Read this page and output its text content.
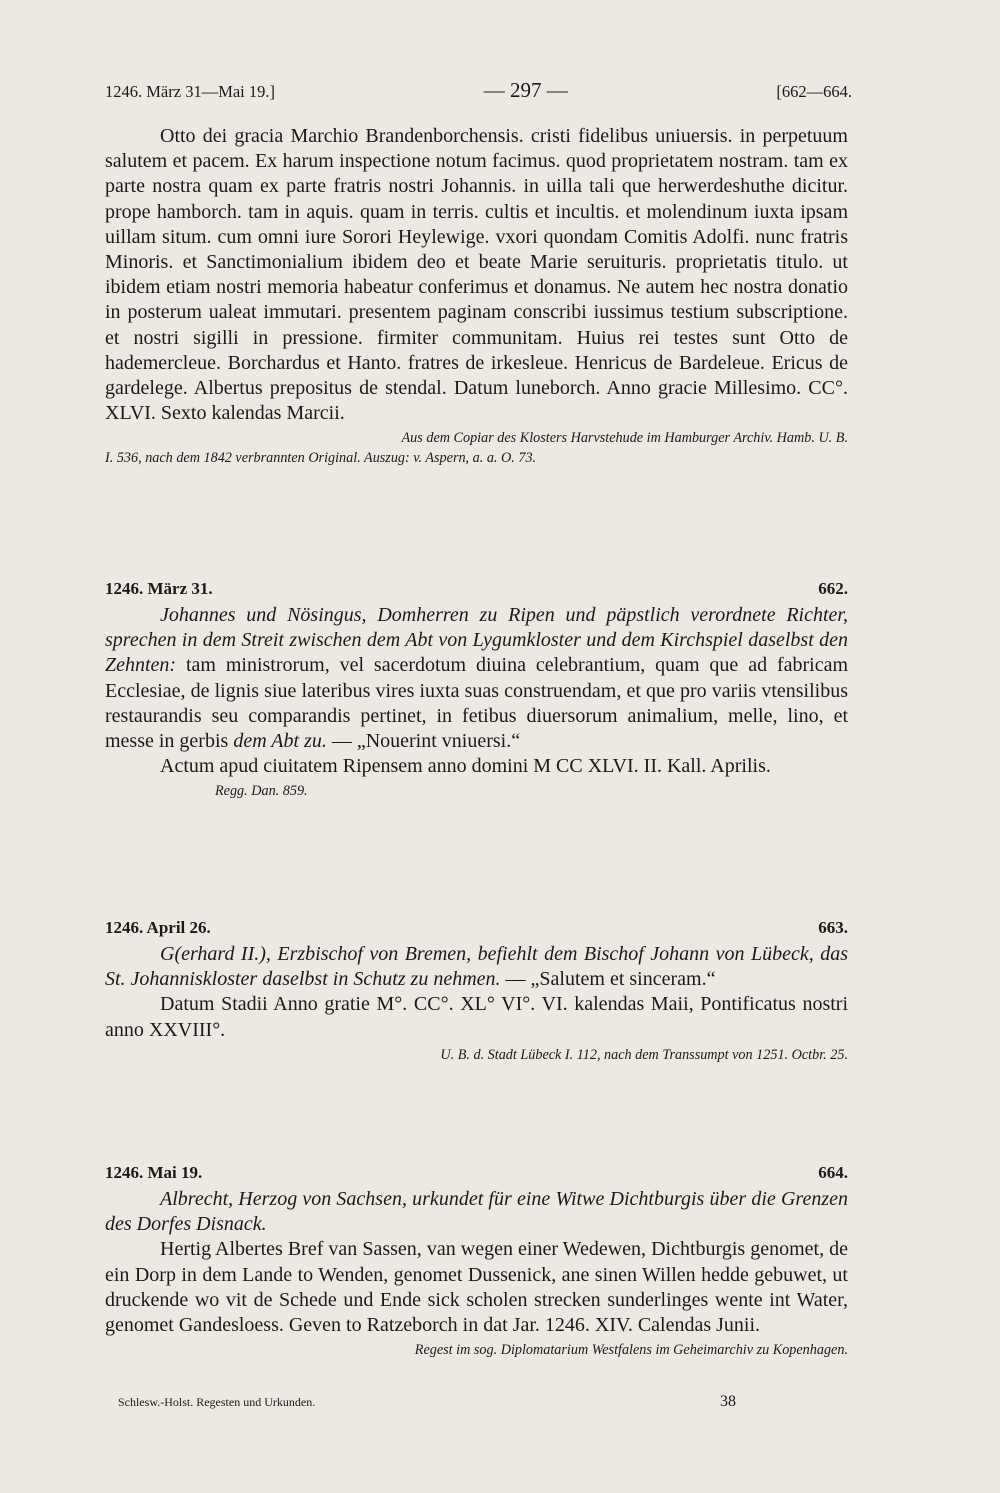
1246. März 31—Mai 19.]	— 297 —	[662—664.

Otto dei gracia Marchio Brandenborchensis. cristi fidelibus uniuersis. in perpetuum salutem et pacem. Ex harum inspectione notum facimus. quod proprietatem nostram. tam ex parte nostra quam ex parte fratris nostri Johannis. in uilla tali que herwerdeshuthe dicitur. prope hamborch. tam in aquis. quam in terris. cultis et incultis. et molendinum iuxta ipsam uillam situm. cum omni iure Sorori Heylewige. vxori quondam Comitis Adolfi. nunc fratris Minoris. et Sanctimonialium ibidem deo et beate Marie seruituris. proprietatis titulo. ut ibidem etiam nostri memoria habeatur conferimus et donamus. Ne autem hec nostra donatio in posterum ualeat immutari. presentem paginam conscribi iussimus testium subscriptione. et nostri sigilli in pressione. firmiter communitam. Huius rei testes sunt Otto de hademercleue. Borchardus et Hanto. fratres de irkesleue. Henricus de Bardeleue. Ericus de gardelege. Albertus prepositus de stendal. Datum luneborch. Anno gracie Millesimo. CC°. XLVI. Sexto kalendas Marcii.

Aus dem Copiar des Klosters Harvstehude im Hamburger Archiv. Hamb. U. B.

I. 536, nach dem 1842 verbrannten Original. Auszug: v. Aspern, a. a. O. 73.

1246. März 31.	662.

Johannes und Nösingus, Domherren zu Ripen und päpstlich verordnete Richter, sprechen in dem Streit zwischen dem Abt von Lygumkloster und dem Kirchspiel daselbst den Zehnten: tam ministrorum, vel sacerdotum diuina celebrantium, quam que ad fabricam Ecclesiae, de lignis siue lateribus vires iuxta suas construendam, et que pro variis vtensilibus restaurandis seu comparandis pertinet, in fetibus diuersorum animalium, melle, lino, et messe in gerbis dem Abt zu. — „Nouerint vniuersi.“

Actum apud ciuitatem Ripensem anno domini M CC XLVI. II. Kall. Aprilis.

Regg. Dan. 859.

1246. April 26.	663.

G(erhard II.), Erzbischof von Bremen, befiehlt dem Bischof Johann von Lübeck, das St. Johanniskloster daselbst in Schutz zu nehmen. — „Salutem et sinceram.“

Datum Stadii Anno gratie M°. CC°. XL° VI°. VI. kalendas Maii, Pontificatus nostri anno XXVIII°.

U. B. d. Stadt Lübeck I. 112, nach dem Transsumpt von 1251. Octbr. 25.

1246. Mai 19.	664.

Albrecht, Herzog von Sachsen, urkundet für eine Witwe Dichtburgis über die Grenzen des Dorfes Disnack.

Hertig Albertes Bref van Sassen, van wegen einer Wedewen, Dichtburgis genomet, de ein Dorp in dem Lande to Wenden, genomet Dussenick, ane sinen Willen hedde gebuwet, ut druckende wo vit de Schede und Ende sick scholen strecken sunderlinges wente int Water, genomet Gandesloess. Geven to Ratzeborch in dat Jar. 1246. XIV. Calendas Junii.

Regest im sog. Diplomatarium Westfalens im Geheimarchiv zu Kopenhagen.

Schlesw.-Holst. Regesten und Urkunden.	38
